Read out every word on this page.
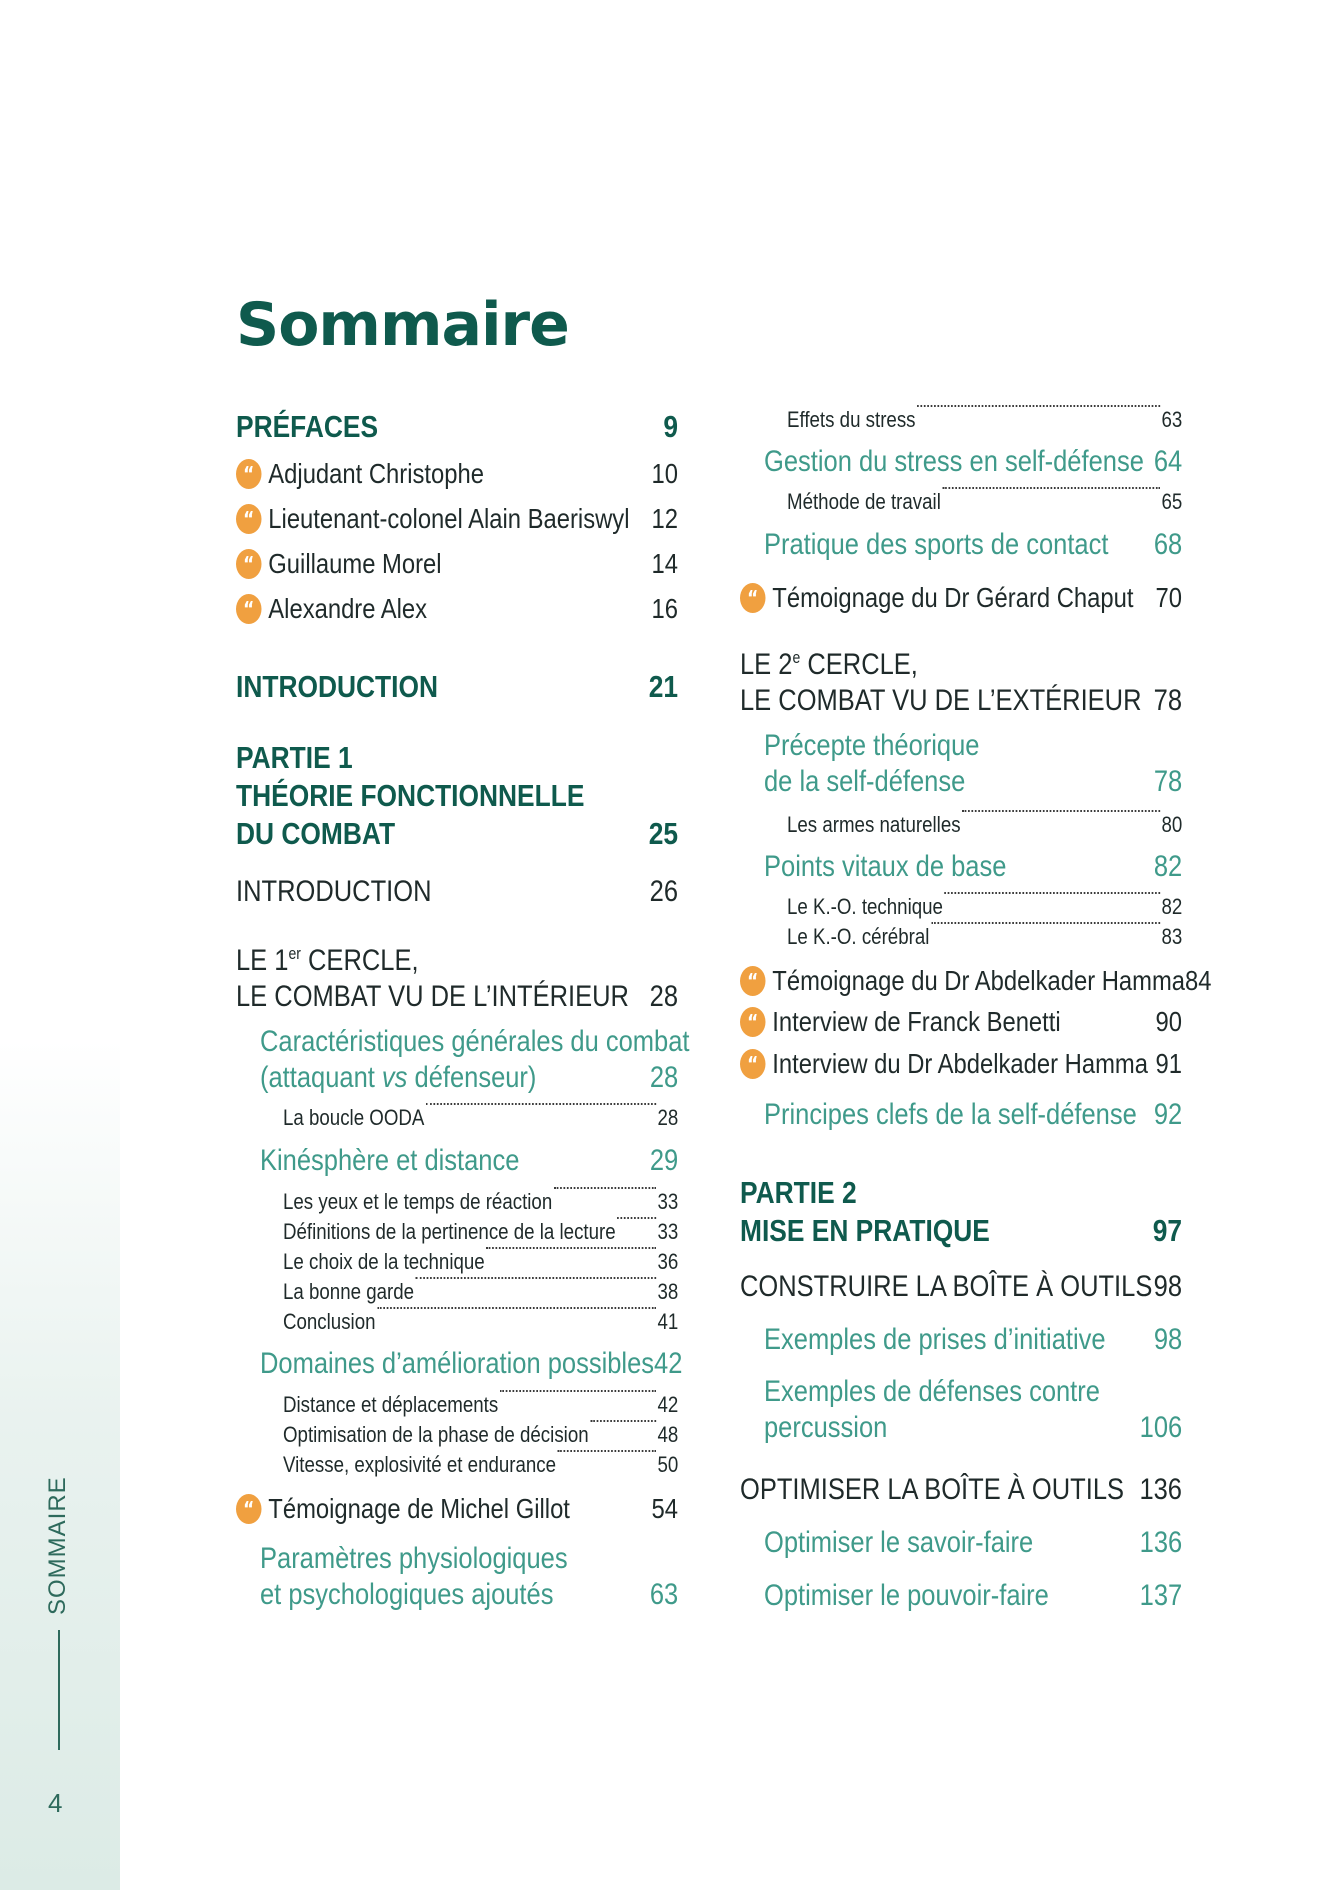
SOMMAIRE
4
Sommaire
PRÉFACES	9
“ Adjudant Christophe	10
“ Lieutenant-colonel Alain Baeriswyl 12
“ Guillaume Morel	14
“ Alexandre Alex	16
INTRODUCTION	21
PARTIE 1
THÉORIE FONCTIONNELLE
DU COMBAT	25
INTRODUCTION	26
LE 1er CERCLE,
LE COMBAT VU DE L’INTÉRIEUR 28
Caractéristiques générales du combat
(attaquant vs défenseur)	28
La boucle OODA	28
Kinésphère et distance	29
Les yeux et le temps de réaction	33
Définitions de la pertinence de la lecture 33
Le choix de la technique	36
La bonne garde	38
Conclusion	41
Domaines d’amélioration possibles 42
Distance et déplacements	42
Optimisation de la phase de décision	48
Vitesse, explosivité et endurance	50
“ Témoignage de Michel Gillot	54
Paramètres physiologiques
et psychologiques ajoutés	63
Effets du stress	63
Gestion du stress en self-défense 64
Méthode de travail	65
Pratique des sports de contact	68
“ Témoignage du Dr Gérard Chaput 70
LE 2e CERCLE,
LE COMBAT VU DE L’EXTÉRIEUR 78
Précepte théorique
de la self-défense	78
Les armes naturelles	80
Points vitaux de base	82
Le K.-O. technique	82
Le K.-O. cérébral	83
“ Témoignage du Dr Abdelkader Hamma 84
“ Interview de Franck Benetti	90
“ Interview du Dr Abdelkader Hamma 91
Principes clefs de la self-défense 92
PARTIE 2
MISE EN PRATIQUE	97
CONSTRUIRE LA BOÎTE À OUTILS 98
Exemples de prises d’initiative	98
Exemples de défenses contre
percussion	106
OPTIMISER LA BOÎTE À OUTILS 136
Optimiser le savoir-faire	136
Optimiser le pouvoir-faire	137
